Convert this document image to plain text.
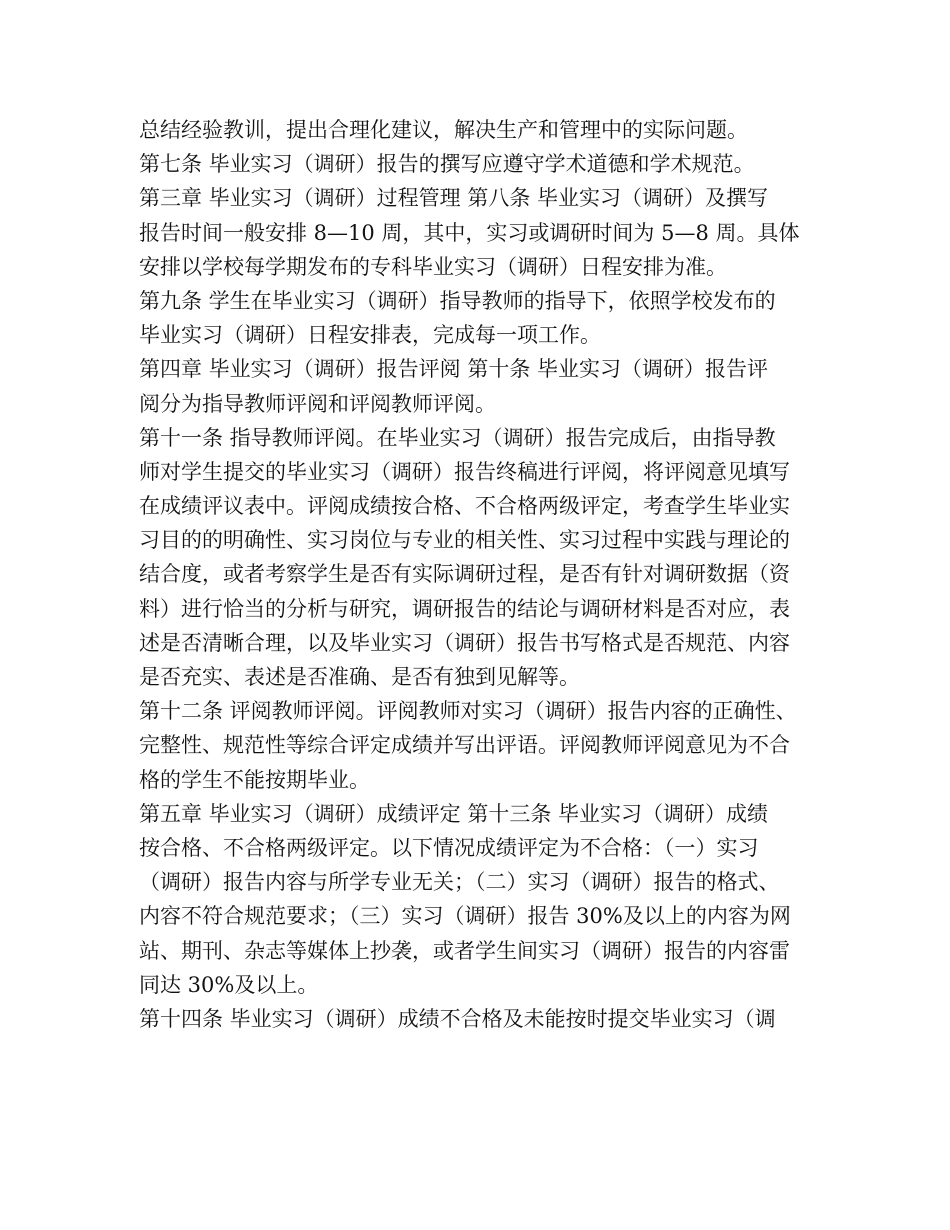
总结经验教训，提出合理化建议，解决生产和管理中的实际问题。
第七条 毕业实习（调研）报告的撰写应遵守学术道德和学术规范。
第三章 毕业实习（调研）过程管理 第八条 毕业实习（调研）及撰写
报告时间一般安排 8—10 周，其中，实习或调研时间为 5—8 周。具体
安排以学校每学期发布的专科毕业实习（调研）日程安排为准。
第九条 学生在毕业实习（调研）指导教师的指导下，依照学校发布的
毕业实习（调研）日程安排表，完成每一项工作。
第四章 毕业实习（调研）报告评阅 第十条 毕业实习（调研）报告评
阅分为指导教师评阅和评阅教师评阅。
第十一条 指导教师评阅。在毕业实习（调研）报告完成后，由指导教
师对学生提交的毕业实习（调研）报告终稿进行评阅，将评阅意见填写
在成绩评议表中。评阅成绩按合格、不合格两级评定，考查学生毕业实
习目的的明确性、实习岗位与专业的相关性、实习过程中实践与理论的
结合度，或者考察学生是否有实际调研过程，是否有针对调研数据（资
料）进行恰当的分析与研究，调研报告的结论与调研材料是否对应，表
述是否清晰合理，以及毕业实习（调研）报告书写格式是否规范、内容
是否充实、表述是否准确、是否有独到见解等。
第十二条 评阅教师评阅。评阅教师对实习（调研）报告内容的正确性、
完整性、规范性等综合评定成绩并写出评语。评阅教师评阅意见为不合
格的学生不能按期毕业。
第五章 毕业实习（调研）成绩评定 第十三条 毕业实习（调研）成绩
按合格、不合格两级评定。以下情况成绩评定为不合格：（一）实习
（调研）报告内容与所学专业无关；（二）实习（调研）报告的格式、
内容不符合规范要求；（三）实习（调研）报告 30%及以上的内容为网
站、期刊、杂志等媒体上抄袭，或者学生间实习（调研）报告的内容雷
同达 30%及以上。
第十四条 毕业实习（调研）成绩不合格及未能按时提交毕业实习（调
